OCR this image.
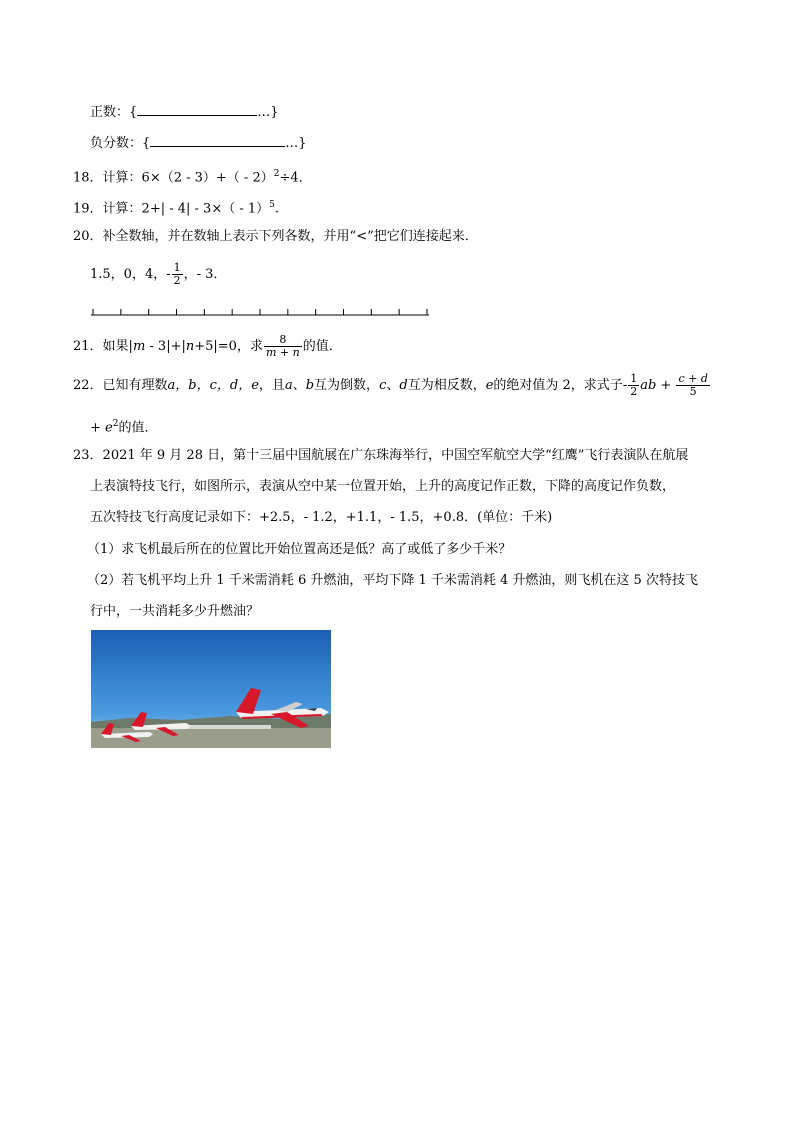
正数：{	…}
负分数：{	…}
18．计算：6×（2 - 3）+（ - 2）$^2$÷4．
19．计算：2+| - 4| - 3×（ - 1）$^5$.
20．补全数轴，并在数轴上表示下列各数，并用“<”把它们连接起来．
1.5，0，4，- $\frac{1}{2}$ ，- 3．
21．如果|m - 3|+|n+5|=0，求 $\frac{8}{m + n}$ 的值．
22．已知有理数a，b，c，d，e，且a、b互为倒数，c、d互为相反数，e的绝对值为 2，求式子- $\frac{1}{2}$ ab + $\frac{c + d}{5}$
+ $e^2$的值．
23．2021 年 9 月 28 日，第十三届中国航展在广东珠海举行，中国空军航空大学“红鹰”飞行表演队在航展
上表演特技飞行，如图所示，表演从空中某一位置开始，上升的高度记作正数，下降的高度记作负数，
五次特技飞行高度记录如下：+2.5，- 1.2，+1.1，- 1.5，+0.8．(单位：千米)
（1）求飞机最后所在的位置比开始位置高还是低？高了或低了多少千米？
（2）若飞机平均上升 1 千米需消耗 6 升燃油，平均下降 1 千米需消耗 4 升燃油，则飞机在这 5 次特技飞
行中，一共消耗多少升燃油？
